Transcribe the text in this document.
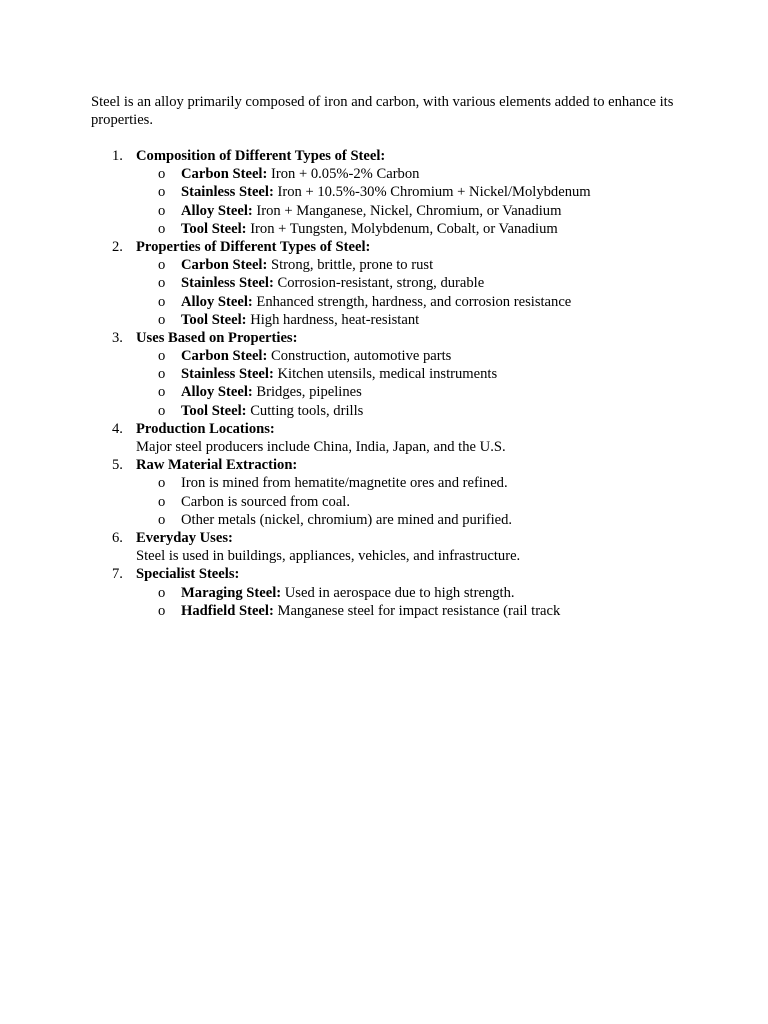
Steel is an alloy primarily composed of iron and carbon, with various elements added to enhance its properties.

1. Composition of Different Types of Steel:
o Carbon Steel: Iron + 0.05%-2% Carbon
o Stainless Steel: Iron + 10.5%-30% Chromium + Nickel/Molybdenum
o Alloy Steel: Iron + Manganese, Nickel, Chromium, or Vanadium
o Tool Steel: Iron + Tungsten, Molybdenum, Cobalt, or Vanadium
2. Properties of Different Types of Steel:
o Carbon Steel: Strong, brittle, prone to rust
o Stainless Steel: Corrosion-resistant, strong, durable
o Alloy Steel: Enhanced strength, hardness, and corrosion resistance
o Tool Steel: High hardness, heat-resistant
3. Uses Based on Properties:
o Carbon Steel: Construction, automotive parts
o Stainless Steel: Kitchen utensils, medical instruments
o Alloy Steel: Bridges, pipelines
o Tool Steel: Cutting tools, drills
4. Production Locations:
Major steel producers include China, India, Japan, and the U.S.
5. Raw Material Extraction:
o Iron is mined from hematite/magnetite ores and refined.
o Carbon is sourced from coal.
o Other metals (nickel, chromium) are mined and purified.
6. Everyday Uses:
Steel is used in buildings, appliances, vehicles, and infrastructure.
7. Specialist Steels:
o Maraging Steel: Used in aerospace due to high strength.
o Hadfield Steel: Manganese steel for impact resistance (rail track
